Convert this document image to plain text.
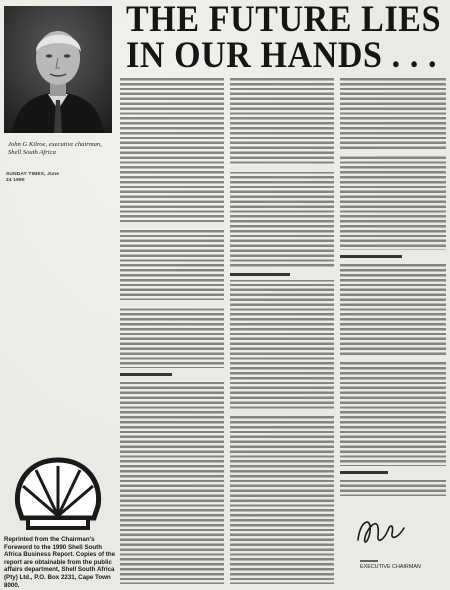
John G Kilroe, executive chairman,
Shell South Africa
SUNDAY TIMES, June 24 1990
Reprinted from the Chairman's Foreword to the 1990 Shell South Africa Business Report. Copies of the report are obtainable from the public affairs department, Shell South Africa (Pty) Ltd., P.O. Box 2231, Cape Town 8000.
THE FUTURE LIES
IN OUR HANDS . . .
EXECUTIVE CHAIRMAN
